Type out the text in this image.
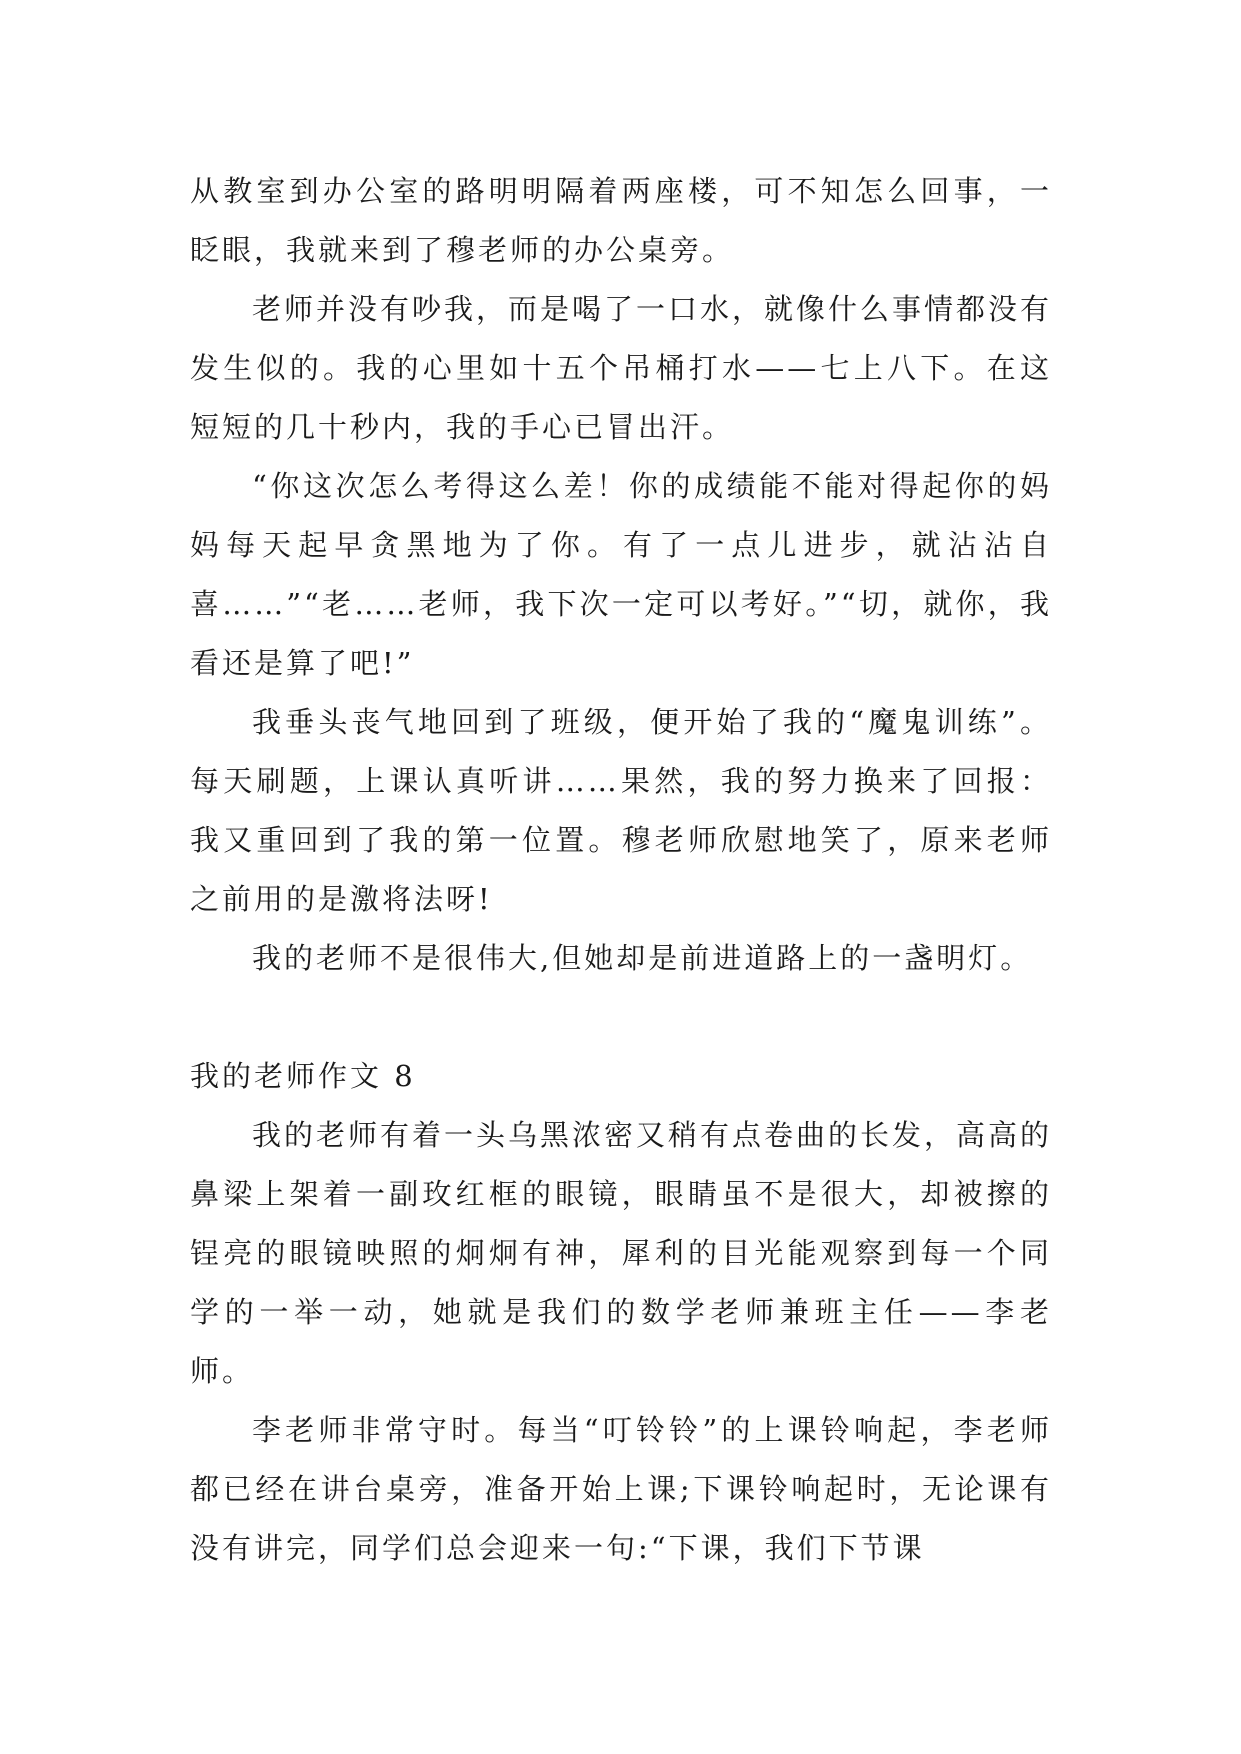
从教室到办公室的路明明隔着两座楼，可不知怎么回事，一眨眼，我就来到了穆老师的办公桌旁。

老师并没有吵我，而是喝了一口水，就像什么事情都没有发生似的。我的心里如十五个吊桶打水——七上八下。在这短短的几十秒内，我的手心已冒出汗。

“你这次怎么考得这么差！你的成绩能不能对得起你的妈妈每天起早贪黑地为了你。有了一点儿进步，就沾沾自喜……”“老……老师，我下次一定可以考好。”“切，就你，我看还是算了吧!”

我垂头丧气地回到了班级，便开始了我的“魔鬼训练”。每天刷题，上课认真听讲……果然，我的努力换来了回报：我又重回到了我的第一位置。穆老师欣慰地笑了，原来老师之前用的是激将法呀!

我的老师不是很伟大,但她却是前进道路上的一盏明灯。

我的老师作文 8

我的老师有着一头乌黑浓密又稍有点卷曲的长发，高高的鼻梁上架着一副玫红框的眼镜，眼睛虽不是很大，却被擦的锃亮的眼镜映照的炯炯有神，犀利的目光能观察到每一个同学的一举一动，她就是我们的数学老师兼班主任——李老师。

李老师非常守时。每当“叮铃铃”的上课铃响起，李老师都已经在讲台桌旁，准备开始上课;下课铃响起时，无论课有没有讲完，同学们总会迎来一句:“下课，我们下节课
